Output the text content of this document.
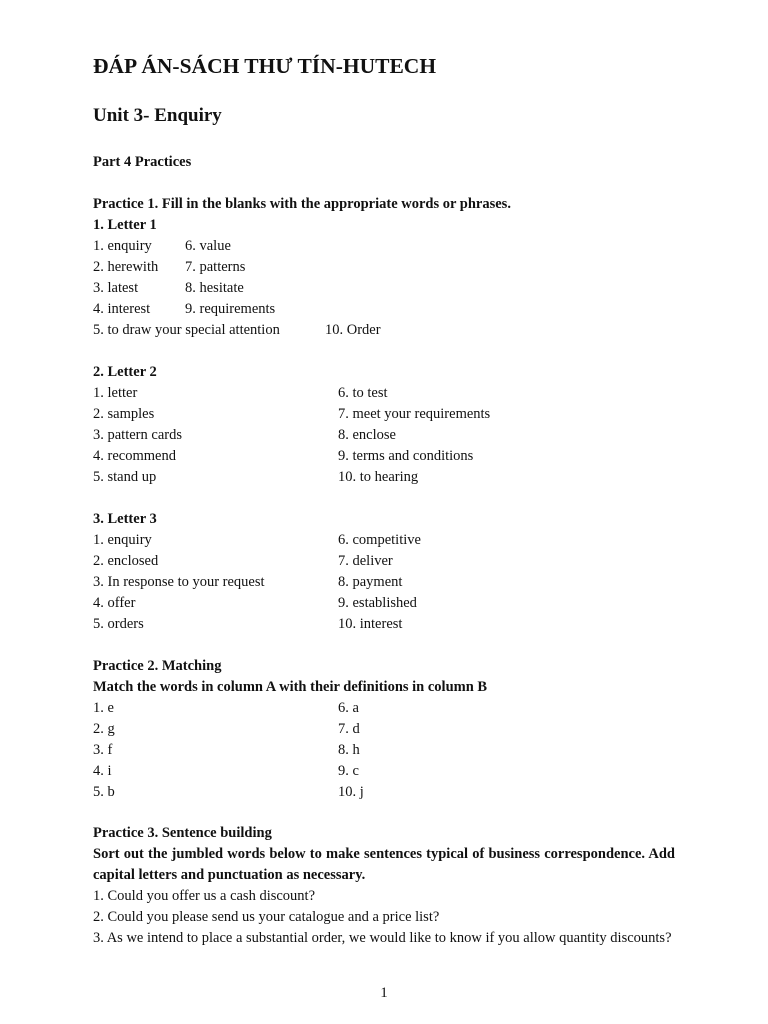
ĐÁP ÁN-SÁCH THƯ TÍN-HUTECH
Unit 3- Enquiry
Part 4 Practices
Practice 1. Fill in the blanks with the appropriate words or phrases.
1. Letter 1
1. enquiry 6. value
2. herewith 7. patterns
3. latest	8. hesitate
4. interest 9. requirements
5. to draw your special attention	10. Order
2. Letter 2
1. letter	6. to test
2. samples	7. meet your requirements
3. pattern cards	8. enclose
4. recommend	9. terms and conditions
5. stand up	10. to hearing
3. Letter 3
1. enquiry	6. competitive
2. enclosed	7. deliver
3. In response to your request	8. payment
4. offer	9. established
5. orders	10. interest
Practice 2. Matching
Match the words in column A with their definitions in column B
1. e	6. a
2. g	7. d
3. f	8. h
4. i	9. c
5. b	10. j
Practice 3. Sentence building
Sort out the jumbled words below to make sentences typical of business correspondence. Add capital letters and punctuation as necessary.
1. Could you offer us a cash discount?
2. Could you please send us your catalogue and a price list?
3. As we intend to place a substantial order, we would like to know if you allow quantity discounts?
1
